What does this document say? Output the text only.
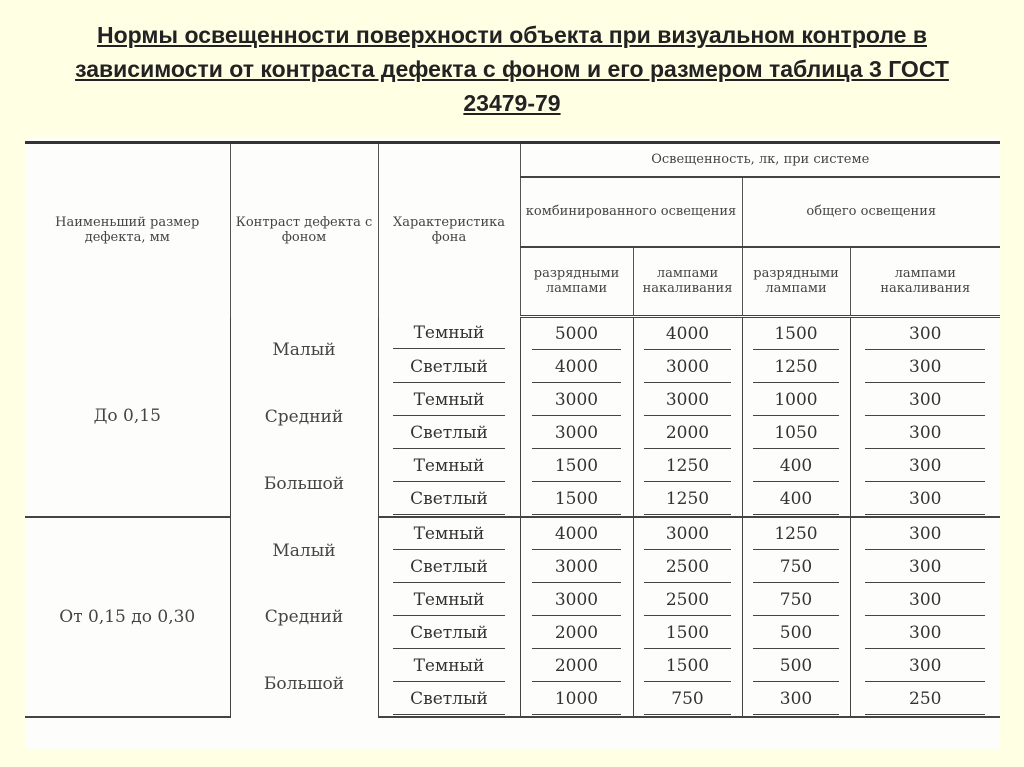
Нормы освещенности поверхности объекта при визуальном контроле в зависимости от контраста дефекта с фоном и его размером таблица 3 ГОСТ 23479-79
Наименьший размер дефекта, мм	Контраст дефекта с фоном	Характеристика фона	Освещенность, лк, при системе			
			комбинированного освещения		общего освещения	
			разрядными лампами	лампами накаливания	разрядными лампами	лампами накаливания
До 0,15	Малый	Темный	5000	4000	1500	300
		Светлый	4000	3000	1250	300
	Средний	Темный	3000	3000	1000	300
		Светлый	3000	2000	1050	300
	Большой	Темный	1500	1250	400	300
		Светлый	1500	1250	400	300
От 0,15 до 0,30	Малый	Темный	4000	3000	1250	300
		Светлый	3000	2500	750	300
	Средний	Темный	3000	2500	750	300
		Светлый	2000	1500	500	300
	Большой	Темный	2000	1500	500	300
		Светлый	1000	750	300	250
